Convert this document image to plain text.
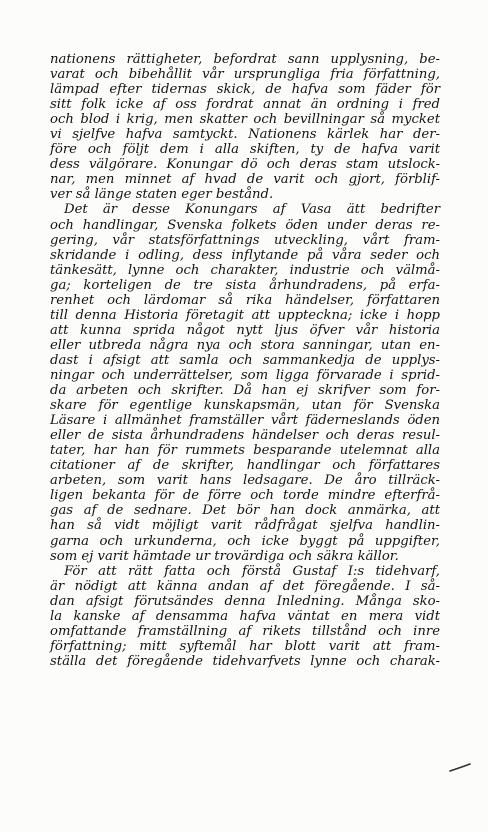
nationens rättigheter, befordrat sann upplysning, be-
varat och bibehållit vår ursprungliga fria författning,
lämpad efter tidernas skick, de hafva som fäder för
sitt folk icke af oss fordrat annat än ordning i fred
och blod i krig, men skatter och bevillningar så mycket
vi sjelfve hafva samtyckt. Nationens kärlek har der-
före och följt dem i alla skiften, ty de hafva varit
dess välgörare. Konungar dö och deras stam utslock-
nar, men minnet af hvad de varit och gjort, förblif-
ver så länge staten eger bestånd.
Det är desse Konungars af Vasa ätt bedrifter
och handlingar, Svenska folkets öden under deras re-
gering, vår statsförfattnings utveckling, vårt fram-
skridande i odling, dess inflytande på våra seder och
tänkesätt, lynne och charakter, industrie och välmå-
ga; korteligen de tre sista århundradens, på erfa-
renhet och lärdomar så rika händelser, författaren
till denna Historia företagit att uppteckna; icke i hopp
att kunna sprida något nytt ljus öfver vår historia
eller utbreda några nya och stora sanningar, utan en-
dast i afsigt att samla och sammankedja de upplys-
ningar och underrättelser, som ligga förvarade i sprid-
da arbeten och skrifter. Då han ej skrifver som for-
skare för egentlige kunskapsmän, utan för Svenska
Läsare i allmänhet framställer vårt fäderneslands öden
eller de sista århundradens händelser och deras resul-
tater, har han för rummets besparande utelemnat alla
citationer af de skrifter, handlingar och författares
arbeten, som varit hans ledsagare. De åro tillräck-
ligen bekanta för de förre och torde mindre efterfrå-
gas af de sednare. Det bör han dock anmärka, att
han så vidt möjligt varit rådfrågat sjelfva handlin-
garna och urkunderna, och icke byggt på uppgifter,
som ej varit hämtade ur trovärdiga och säkra källor.
För att rätt fatta och förstå Gustaf I:s tidehvarf,
är nödigt att känna andan af det föregående. I så-
dan afsigt förutsändes denna Inledning. Många sko-
la kanske af densamma hafva väntat en mera vidt
omfattande framställning af rikets tillstånd och inre
författning; mitt syftemål har blott varit att fram-
ställa det föregående tidehvarfvets lynne och charak-
